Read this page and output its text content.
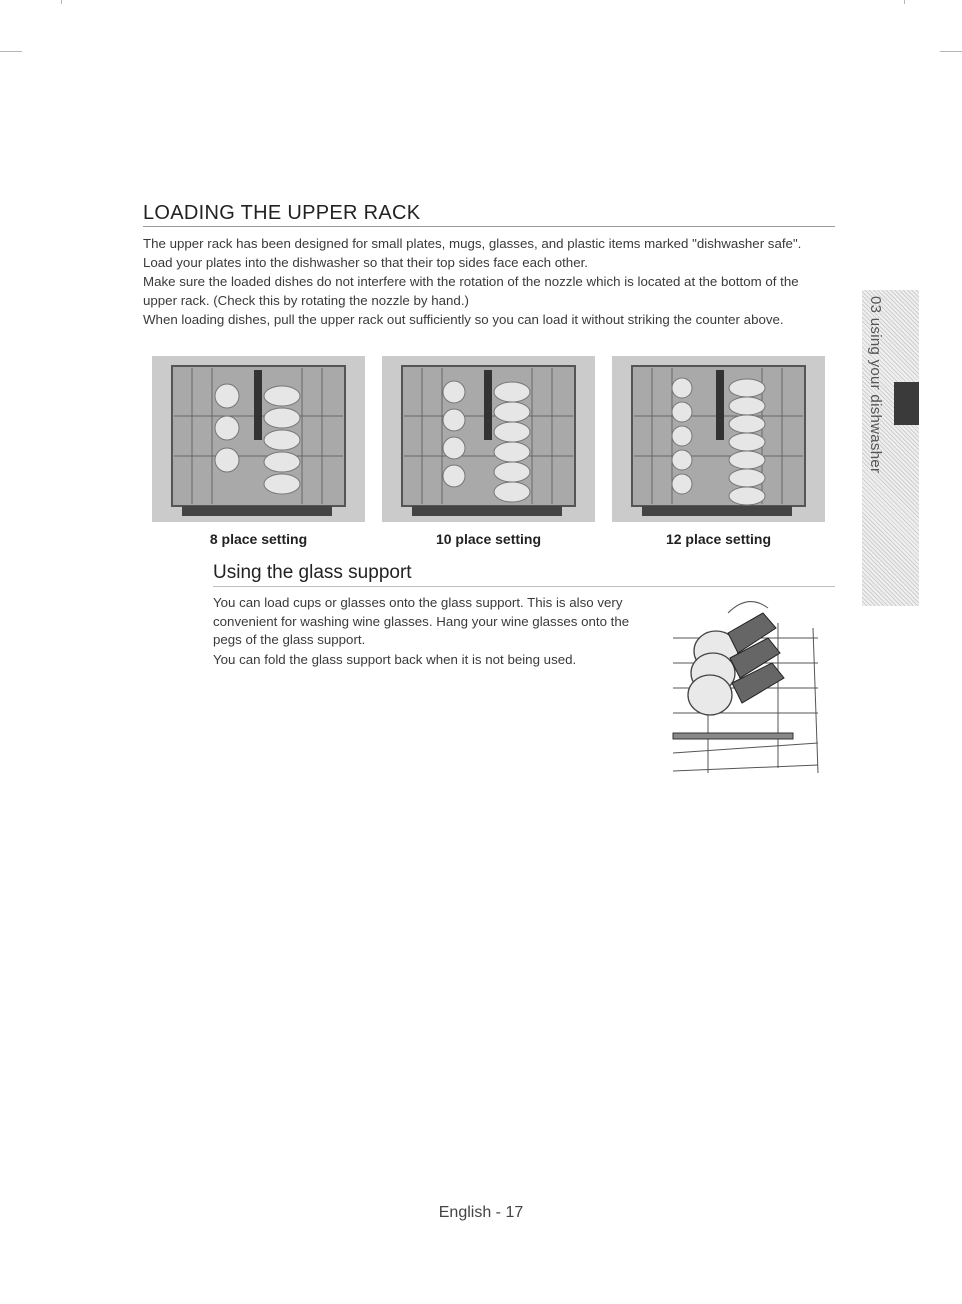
LOADING THE UPPER RACK

The upper rack has been designed for small plates, mugs, glasses, and plastic items marked "dishwasher safe". Load your plates into the dishwasher so that their top sides face each other.

Make sure the loaded dishes do not interfere with the rotation of the nozzle which is located at the bottom of the upper rack. (Check this by rotating the nozzle by hand.)

When loading dishes, pull the upper rack out sufficiently so you can load it without striking the counter above.

8 place setting	10 place setting	12 place setting
Using the glass support

You can load cups or glasses onto the glass support. This is also very convenient for washing wine glasses. Hang your wine glasses onto the pegs of the glass support.

You can fold the glass support back when it is not being used.

03 using your dishwasher
English - 17
